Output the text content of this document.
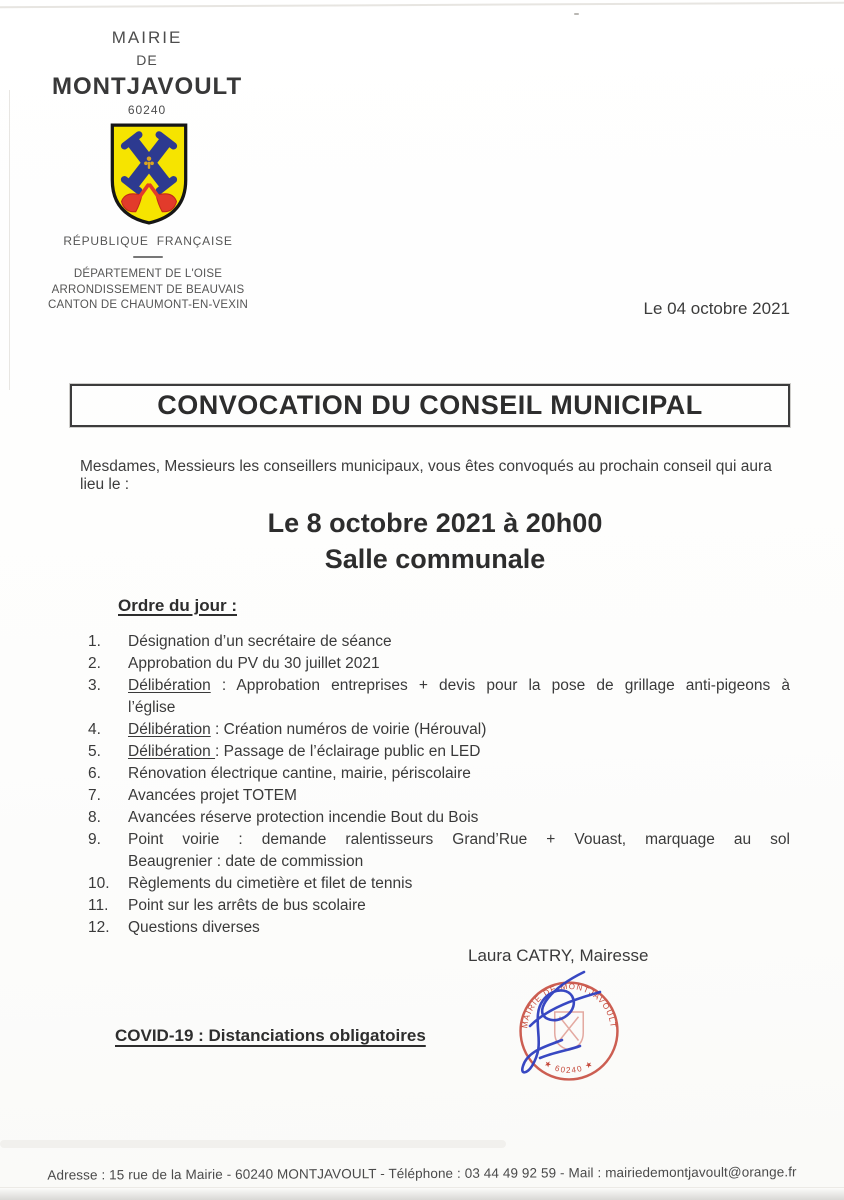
MAIRIE
DE
MONTJAVOULT
60240
RÉPUBLIQUE FRANÇAISE
DÉPARTEMENT DE L'OISE
ARRONDISSEMENT DE BEAUVAIS
CANTON DE CHAUMONT-EN-VEXIN	Le 04 octobre 2021
CONVOCATION DU CONSEIL MUNICIPAL
Mesdames, Messieurs les conseillers municipaux, vous êtes convoqués au prochain conseil qui aura lieu le :
Le 8 octobre 2021 à 20h00
Salle communale
Ordre du jour :
1.	Désignation d’un secrétaire de séance
2.	Approbation du PV du 30 juillet 2021
3.	Délibération : Approbation entreprises + devis pour la pose de grillage anti-pigeons à
l’église
4.	Délibération : Création numéros de voirie (Hérouval)
5.	Délibération : Passage de l’éclairage public en LED
6.	Rénovation électrique cantine, mairie, périscolaire
7.	Avancées projet TOTEM
8.	Avancées réserve protection incendie Bout du Bois
9.	Point voirie : demande ralentisseurs Grand’Rue + Vouast, marquage au sol
Beaugrenier : date de commission
10.	Règlements du cimetière et filet de tennis
11.	Point sur les arrêts de bus scolaire
12.	Questions diverses
Laura CATRY, Mairesse
MAIRIE DE MONTJAVOULT
★ 60240 ★
COVID-19 : Distanciations obligatoires
Adresse : 15 rue de la Mairie - 60240 MONTJAVOULT - Téléphone : 03 44 49 92 59 - Mail : mairiedemontjavoult@orange.fr
